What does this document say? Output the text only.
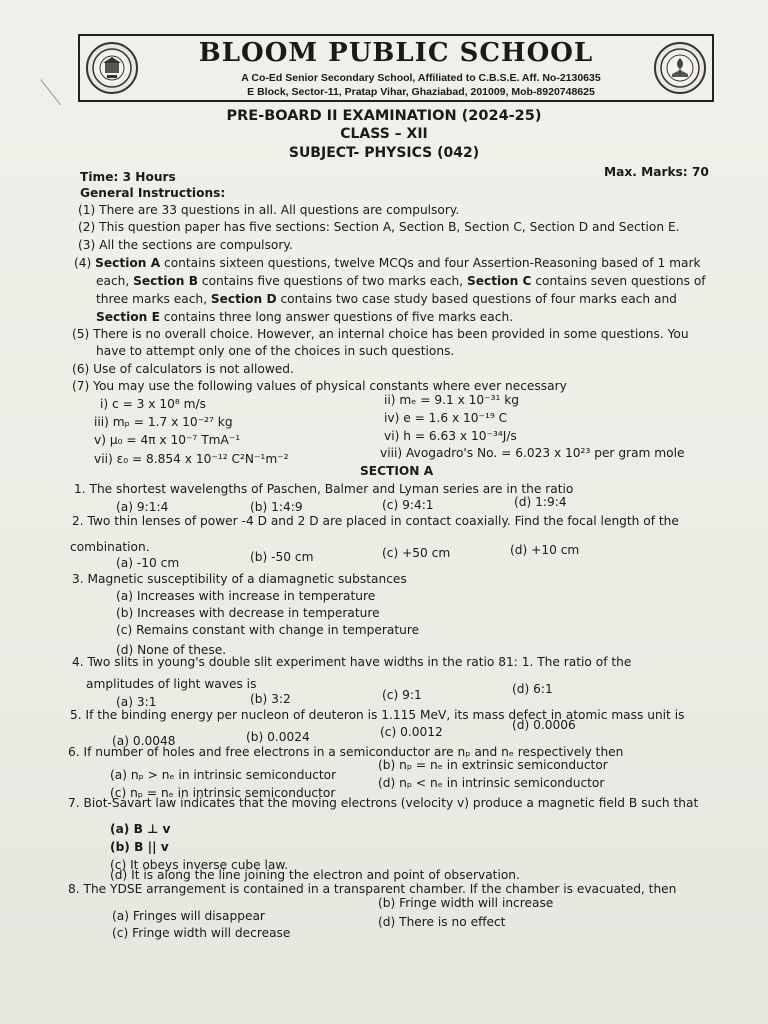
BLOOM PUBLIC SCHOOL
A Co-Ed Senior Secondary School, Affiliated to C.B.S.E. Aff. No-2130635
E Block, Sector-11, Pratap Vihar, Ghaziabad, 201009, Mob-8920748625
PRE-BOARD II EXAMINATION (2024-25)
CLASS – XII
SUBJECT- PHYSICS (042)
Time: 3 Hours	Max. Marks: 70
General Instructions:
(1) There are 33 questions in all. All questions are compulsory.
(2) This question paper has five sections: Section A, Section B, Section C, Section D and Section E.
(3) All the sections are compulsory.
(4) Section A contains sixteen questions, twelve MCQs and four Assertion-Reasoning based of 1 mark
each, Section B contains five questions of two marks each, Section C contains seven questions of
three marks each, Section D contains two case study based questions of four marks each and
Section E contains three long answer questions of five marks each.
(5) There is no overall choice. However, an internal choice has been provided in some questions. You
have to attempt only one of the choices in such questions.
(6) Use of calculators is not allowed.
(7) You may use the following values of physical constants where ever necessary
i) c = 3 x 10⁸ m/s	ii) mₑ = 9.1 x 10⁻³¹ kg
iii) mₚ = 1.7 x 10⁻²⁷ kg	iv) e = 1.6 x 10⁻¹⁹ C
v) μ₀ = 4π x 10⁻⁷ TmA⁻¹	vi) h = 6.63 x 10⁻³⁴J/s
vii) ε₀ = 8.854 x 10⁻¹² C²N⁻¹m⁻²	viii) Avogadro's No. = 6.023 x 10²³ per gram mole
SECTION A
1. The shortest wavelengths of Paschen, Balmer and Lyman series are in the ratio
(a) 9:1:4	(b) 1:4:9	(c) 9:4:1	(d) 1:9:4
2. Two thin lenses of power -4 D and 2 D are placed in contact coaxially. Find the focal length of the
combination.
(a) -10 cm	(b) -50 cm	(c) +50 cm	(d) +10 cm
3. Magnetic susceptibility of a diamagnetic substances
(a) Increases with increase in temperature
(b) Increases with decrease in temperature
(c) Remains constant with change in temperature
(d) None of these.
4. Two slits in young's double slit experiment have widths in the ratio 81: 1. The ratio of the
amplitudes of light waves is
(a) 3:1	(b) 3:2	(c) 9:1	(d) 6:1
5. If the binding energy per nucleon of deuteron is 1.115 MeV, its mass defect in atomic mass unit is
(a) 0.0048	(b) 0.0024	(c) 0.0012	(d) 0.0006
6. If number of holes and free electrons in a semiconductor are nₚ and nₑ respectively then
(a) nₚ > nₑ in intrinsic semiconductor
(b) nₚ = nₑ in extrinsic semiconductor
(c) nₚ = nₑ in intrinsic semiconductor
(d) nₚ < nₑ in intrinsic semiconductor
7. Biot-Savart law indicates that the moving electrons (velocity v) produce a magnetic field B such that
(a) B ⊥ v
(b) B || v
(c) It obeys inverse cube law.
(d) It is along the line joining the electron and point of observation.
8. The YDSE arrangement is contained in a transparent chamber. If the chamber is evacuated, then
(a) Fringes will disappear
(b) Fringe width will increase
(c) Fringe width will decrease
(d) There is no effect
